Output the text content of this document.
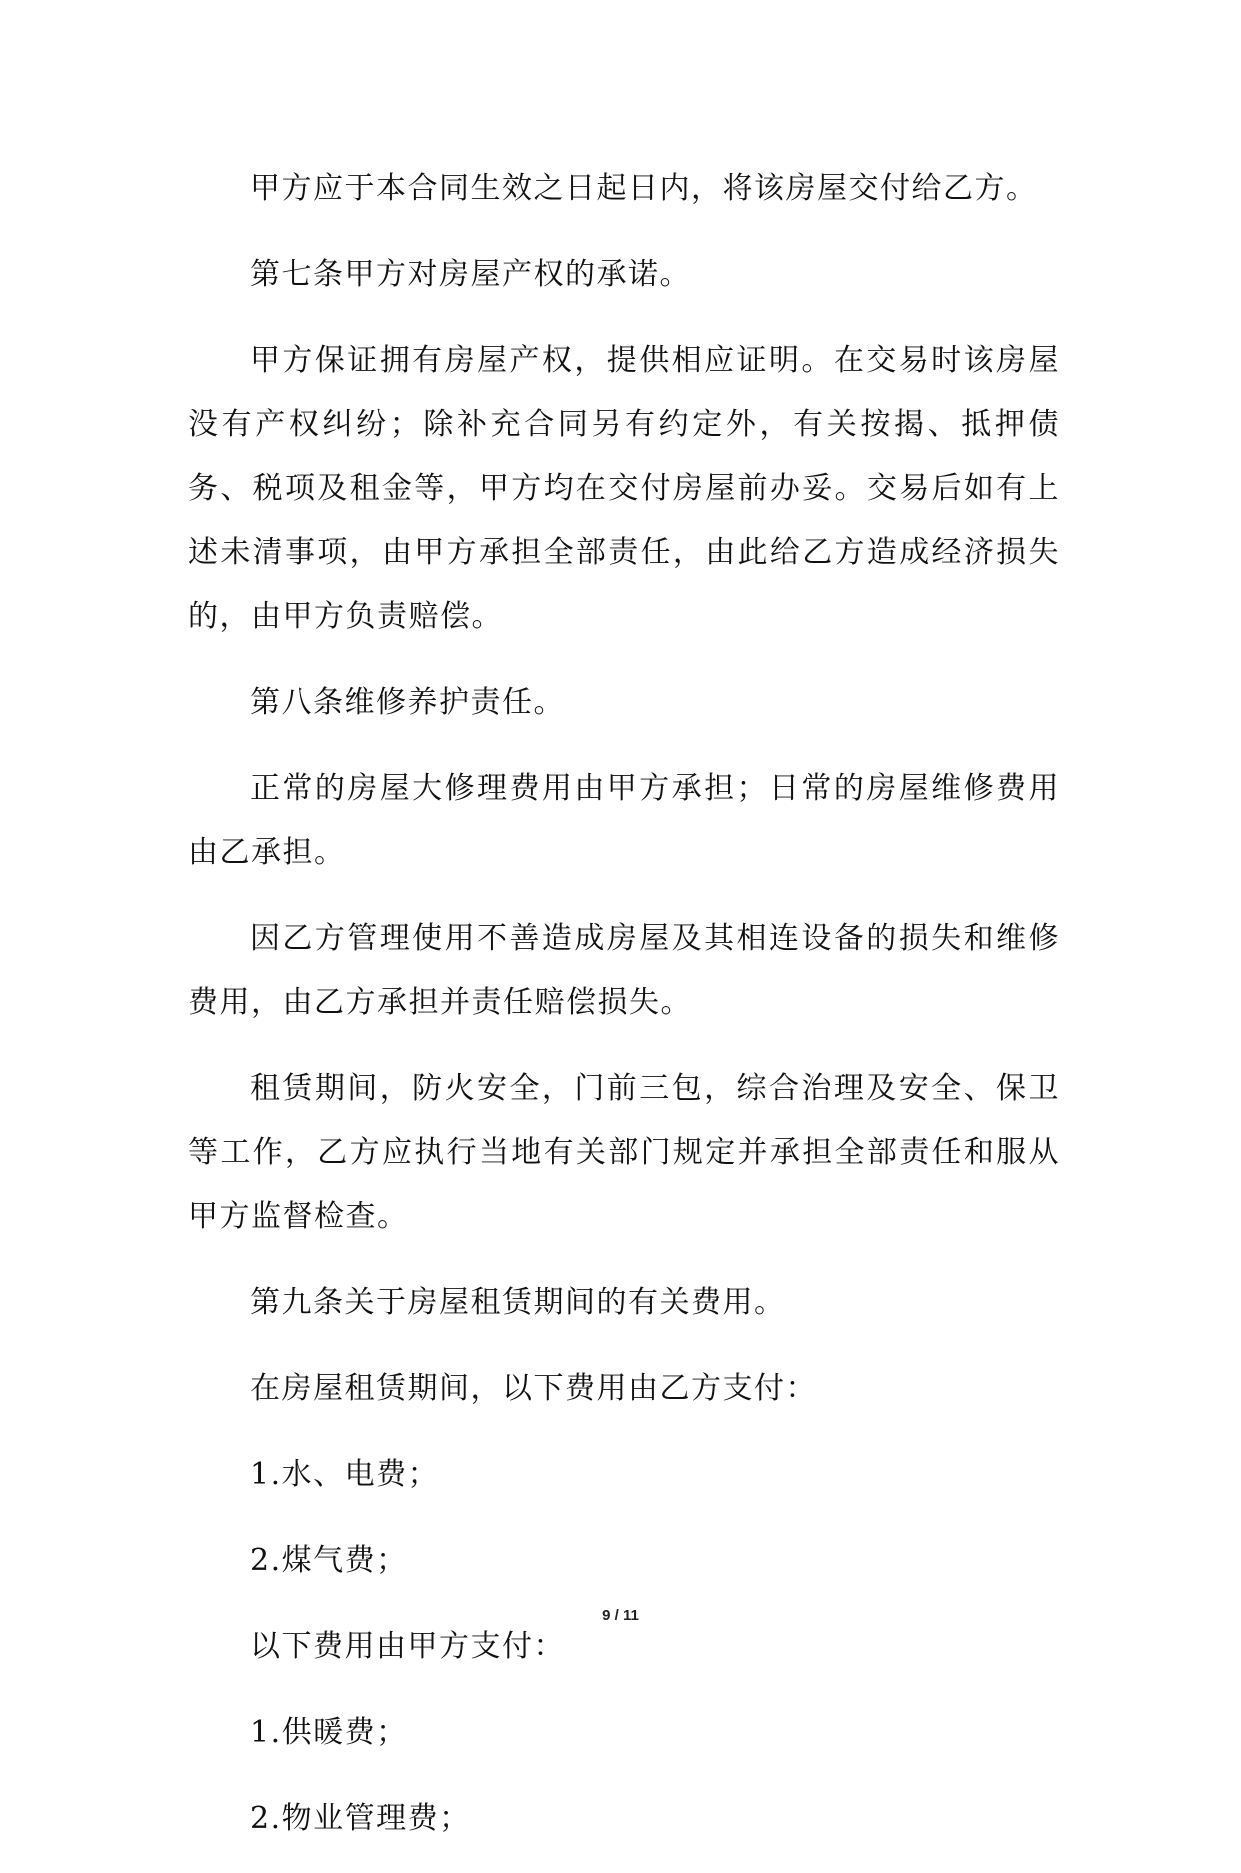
甲方应于本合同生效之日起日内，将该房屋交付给乙方。

第七条甲方对房屋产权的承诺。

甲方保证拥有房屋产权，提供相应证明。在交易时该房屋没有产权纠纷；除补充合同另有约定外，有关按揭、抵押债务、税项及租金等，甲方均在交付房屋前办妥。交易后如有上述未清事项，由甲方承担全部责任，由此给乙方造成经济损失的，由甲方负责赔偿。

第八条维修养护责任。

正常的房屋大修理费用由甲方承担；日常的房屋维修费用由乙承担。

因乙方管理使用不善造成房屋及其相连设备的损失和维修费用，由乙方承担并责任赔偿损失。

租赁期间，防火安全，门前三包，综合治理及安全、保卫等工作，乙方应执行当地有关部门规定并承担全部责任和服从甲方监督检查。

第九条关于房屋租赁期间的有关费用。

在房屋租赁期间，以下费用由乙方支付：

1.水、电费；

2.煤气费；

以下费用由甲方支付：

1.供暖费；

2.物业管理费；

9 / 11
